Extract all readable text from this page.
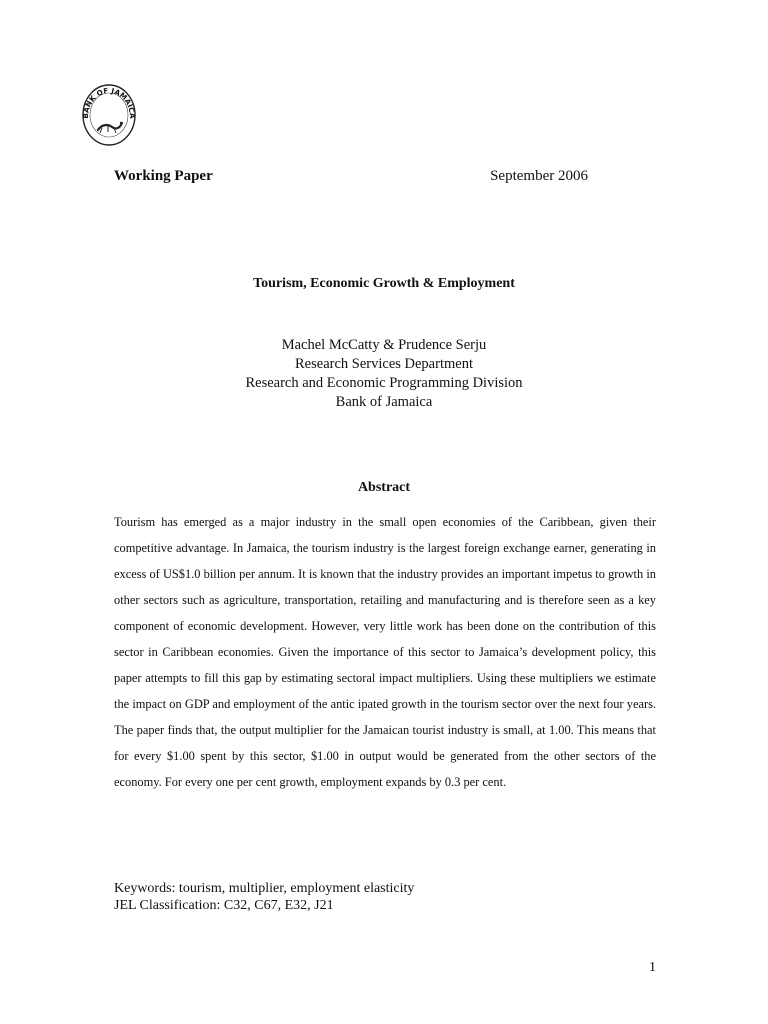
BANK OF JAMAICA
Working Paper	September 2006
Tourism, Economic Growth & Employment
Machel McCatty & Prudence Serju
Research Services Department
Research and Economic Programming Division
Bank of Jamaica
Abstract
Tourism has emerged as a major industry in the small open economies of the Caribbean, given their competitive advantage. In Jamaica, the tourism industry is the largest foreign exchange earner, generating in excess of US$1.0 billion per annum. It is known that the industry provides an important impetus to growth in other sectors such as agriculture, transportation, retailing and manufacturing and is therefore seen as a key component of economic development. However, very little work has been done on the contribution of this sector in Caribbean economies. Given the importance of this sector to Jamaica’s development policy, this paper attempts to fill this gap by estimating sectoral impact multipliers. Using these multipliers we estimate the impact on GDP and employment of the antic ipated growth in the tourism sector over the next four years. The paper finds that, the output multiplier for the Jamaican tourist industry is small, at 1.00. This means that for every $1.00 spent by this sector, $1.00 in output would be generated from the other sectors of the economy. For every one per cent growth, employment expands by 0.3 per cent.
Keywords: tourism, multiplier, employment elasticity
JEL Classification: C32, C67, E32, J21
1
